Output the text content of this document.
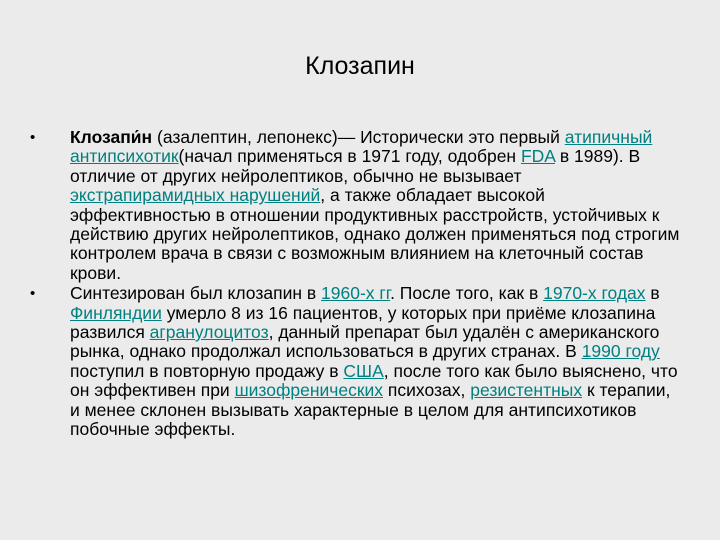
Клозапин
• Клозапи́н (азалептин, лепонекс)— Исторически это первый атипичный антипсихотик(начал применяться в 1971 году, одобрен FDA в 1989). В отличие от других нейролептиков, обычно не вызывает экстрапирамидных нарушений, а также обладает высокой эффективностью в отношении продуктивных расстройств, устойчивых к действию других нейролептиков, однако должен применяться под строгим контролем врача в связи с возможным влиянием на клеточный состав крови.
• Синтезирован был клозапин в 1960-х гг. После того, как в 1970-х годах в Финляндии умерло 8 из 16 пациентов, у которых при приёме клозапина развился агранулоцитоз, данный препарат был удалён с американского рынка, однако продолжал использоваться в других странах. В 1990 году поступил в повторную продажу в США, после того как было выяснено, что он эффективен при шизофренических психозах, резистентных к терапии, и менее склонен вызывать характерные в целом для антипсихотиков побочные эффекты.
